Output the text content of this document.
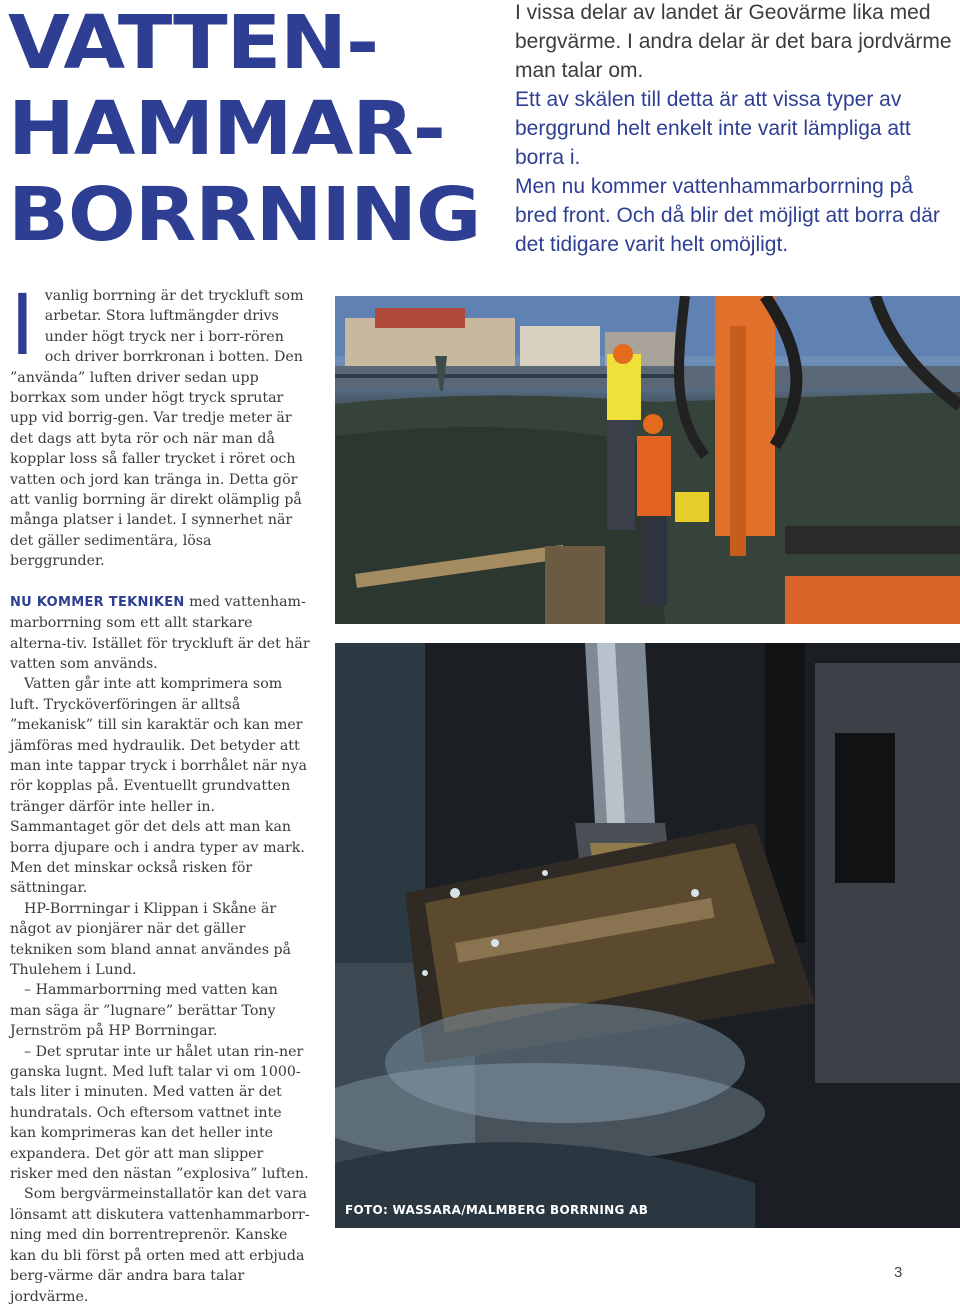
VATTEN-
HAMMAR-
BORRNING

I vissa delar av landet är Geovärme lika med bergvärme. I andra delar är det bara jordvärme man talar om.

Ett av skälen till detta är att vissa typer av berggrund helt enkelt inte varit lämpliga att borra i.

Men nu kommer vattenhammarborrning på bred front. Och då blir det möjligt att borra där det tidigare varit helt omöjligt.

Ivanlig borrning är det tryckluft som arbetar. Stora luftmängder drivs under högt tryck ner i borr-rören och driver borrkronan i botten. Den ”använda” luften driver sedan upp borrkax som under högt tryck sprutar upp vid borrig-gen. Var tredje meter är det dags att byta rör och när man då kopplar loss så faller trycket i röret och vatten och jord kan tränga in. Detta gör att vanlig borrning är direkt olämplig på många platser i landet. I synnerhet när det gäller sedimentära, lösa berggrunder.

NU KOMMER TEKNIKEN med vattenham-marborrning som ett allt starkare alterna-tiv. Istället för tryckluft är det här vatten som används.

Vatten går inte att komprimera som luft. Trycköverföringen är alltså ”mekanisk” till sin karaktär och kan mer jämföras med hydraulik. Det betyder att man inte tappar tryck i borrhålet när nya rör kopplas på. Eventuellt grundvatten tränger därför inte heller in. Sammantaget gör det dels att man kan borra djupare och i andra typer av mark. Men det minskar också risken för sättningar.

HP-Borrningar i Klippan i Skåne är något av pionjärer när det gäller tekniken som bland annat användes på Thulehem i Lund.

– Hammarborrning med vatten kan man säga är ”lugnare” berättar Tony Jernström på HP Borrningar.

– Det sprutar inte ur hålet utan rin-ner ganska lugnt. Med luft talar vi om 1000-tals liter i minuten. Med vatten är det hundratals. Och eftersom vattnet inte kan komprimeras kan det heller inte expandera. Det gör att man slipper risker med den nästan ”explosiva” luften.

Som bergvärmeinstallatör kan det vara lönsamt att diskutera vattenhammarborr-ning med din borrentreprenör. Kanske kan du bli först på orten med att erbjuda berg-värme där andra bara talar jordvärme.

FOTO: WASSARA/MALMBERG BORRNING AB
3
